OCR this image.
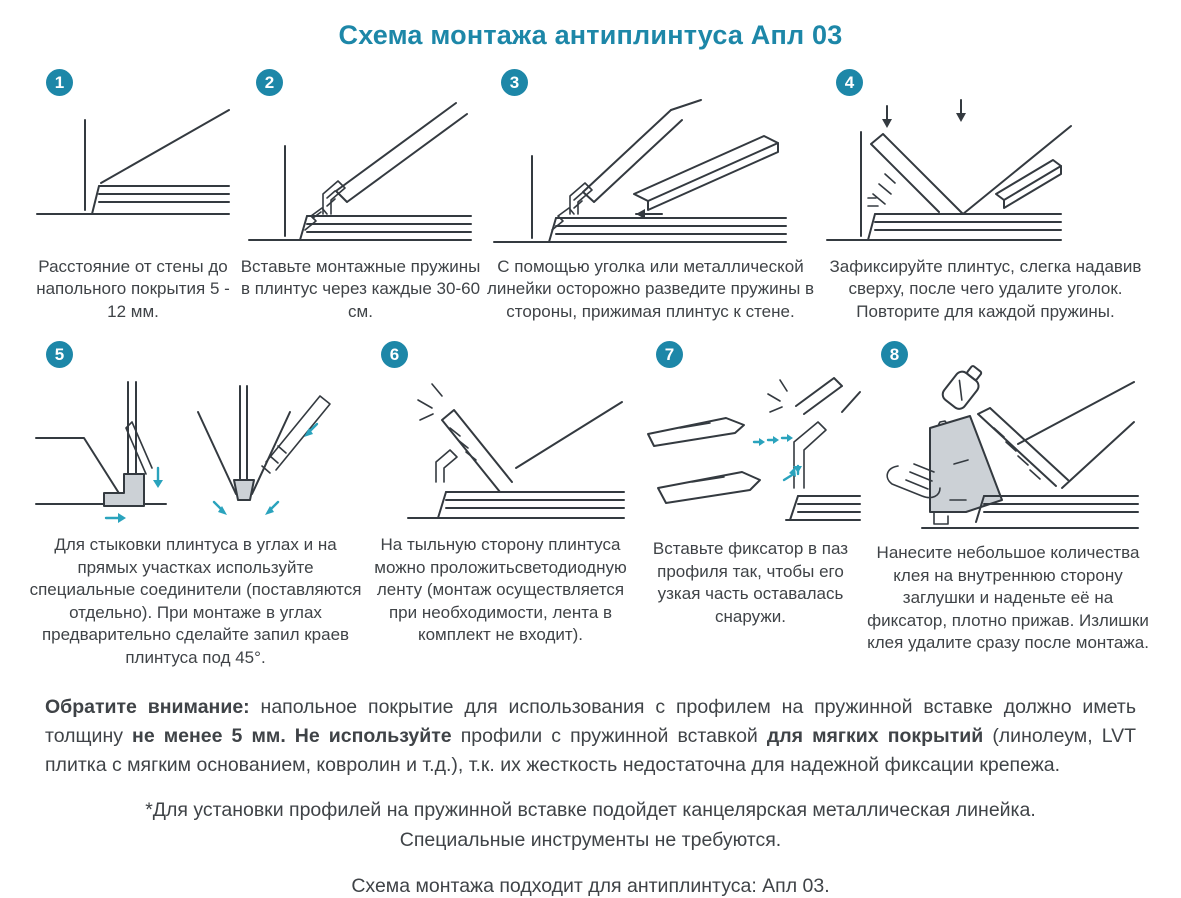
Схема монтажа антиплинтуса Апл 03
1
Расстояние от стены до напольного покрытия 5 - 12 мм.
2
Вставьте монтажные пружины в плинтус через каждые 30-60 см.
3
С помощью уголка или металлической линейки осторожно разведите пружины в стороны, прижимая плинтус к стене.
4
Зафиксируйте плинтус, слегка надавив сверху, после чего удалите уголок. Повторите для каждой пружины.
5
Для стыковки плинтуса в углах и на прямых участках используйте специальные соединители (поставляются отдельно). При монтаже в углах предварительно сделайте запил краев плинтуса под 45°.
6
На тыльную сторону плинтуса можно проложитьсветодиодную ленту (монтаж осуществляется при необходимости, лента в комплект не входит).
7
Вставьте фиксатор в паз профиля так, чтобы его узкая часть оставалась снаружи.
8
Нанесите небольшое количества клея на внутреннюю сторону заглушки и наденьте её на фиксатор, плотно прижав. Излишки клея удалите сразу после монтажа.

Обратите внимание: напольное покрытие для использования с профилем на пружинной вставке должно иметь толщину не менее 5 мм. Не используйте профили с пружинной вставкой для мягких покрытий (линолеум, LVT плитка с мягким основанием, ковролин и т.д.), т.к. их жесткость недостаточна для надежной фиксации крепежа.

*Для установки профилей на пружинной вставке подойдет канцелярская металлическая линейка.
Специальные инструменты не требуются.
Схема монтажа подходит для антиплинтуса: Апл 03.
